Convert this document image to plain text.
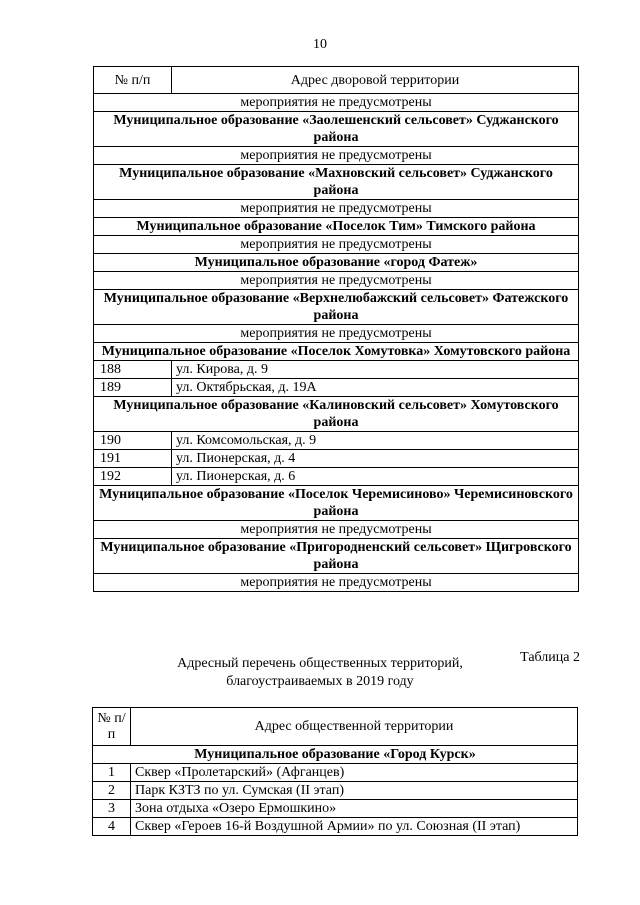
10
№ п/п	Адрес дворовой территории
мероприятия не предусмотрены	
Муниципальное образование «Заолешенский сельсовет» Суджанского района	
мероприятия не предусмотрены	
Муниципальное образование «Махновский сельсовет» Суджанского района	
мероприятия не предусмотрены	
Муниципальное образование «Поселок Тим» Тимского района	
мероприятия не предусмотрены	
Муниципальное образование «город Фатеж»	
мероприятия не предусмотрены	
Муниципальное образование «Верхнелюбажский сельсовет» Фатежского района	
мероприятия не предусмотрены	
Муниципальное образование «Поселок Хомутовка» Хомутовского района	
188	ул. Кирова, д. 9
189	ул. Октябрьская, д. 19А
Муниципальное образование «Калиновский сельсовет» Хомутовского района	
190	ул. Комсомольская, д. 9
191	ул. Пионерская, д. 4
192	ул. Пионерская, д. 6
Муниципальное образование «Поселок Черемисиново» Черемисиновского района	
мероприятия не предусмотрены	
Муниципальное образование «Пригородненский сельсовет» Щигровского района	
мероприятия не предусмотрены	
Таблица 2
Адресный перечень общественных территорий,
благоустраиваемых в 2019 году
№ п/п	Адрес общественной территории
Муниципальное образование «Город Курск»	
1	Сквер «Пролетарский» (Афганцев)
2	Парк КЗТЗ по ул. Сумская (II этап)
3	Зона отдыха «Озеро Ермошкино»
4	Сквер «Героев 16-й Воздушной Армии» по ул. Союзная (II этап)
